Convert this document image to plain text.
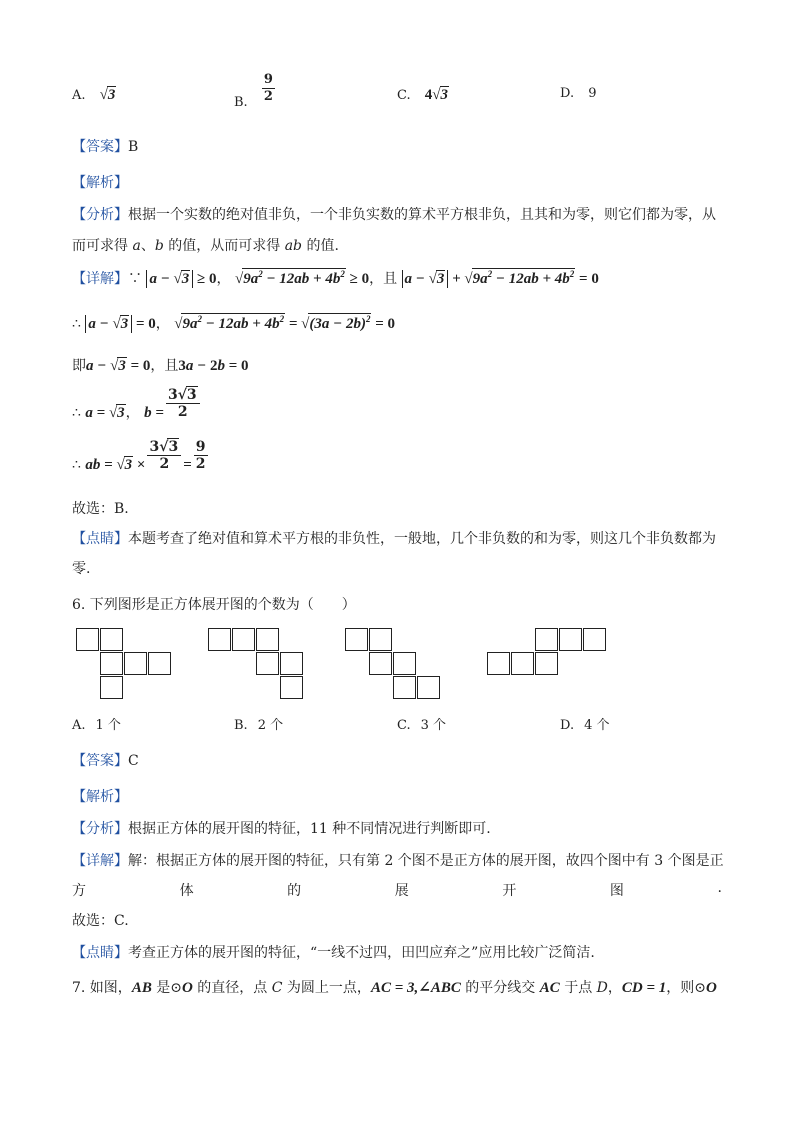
A. √3	B. $\frac{9}{2}$	C. 4√3	D. 9
【答案】B
【解析】
【分析】根据一个实数的绝对值非负，一个非负实数的算术平方根非负，且其和为零，则它们都为零，从
而可求得 a、b 的值，从而可求得 ab 的值.
【详解】∵ a − √3 ≥ 0， $√9a^2 - 12ab + 4b^2 \ge 0$，且 $a - √3 + √9a^2 - 12ab + 4b^2 = 0$
∴ a − √3 = 0， $√9a^2 - 12ab + 4b^2 = √(3a - 2b)^2 = 0$
即a − √3 = 0，且3a − 2b = 0
∴ a = √3， $b = \frac{3√3}{2}$
∴ ab = $√3 \times \frac{3√3}{2} = \frac{9}{2}$
故选：B.
【点睛】本题考查了绝对值和算术平方根的非负性，一般地，几个非负数的和为零，则这几个非负数都为
零.
6. 下列图形是正方体展开图的个数为（　　）
A. 1 个	B. 2 个	C. 3 个	D. 4 个
【答案】C
【解析】
【分析】根据正方体的展开图的特征，11 种不同情况进行判断即可.
【详解】解：根据正方体的展开图的特征，只有第 2 个图不是正方体的展开图，故四个图中有 3 个图是正
方	体	的	展	开	图	.
故选：C.
【点睛】考查正方体的展开图的特征，“一线不过四，田凹应弃之”应用比较广泛简洁.
7. 如图，AB 是⊙O 的直径，点 C 为圆上一点，AC = 3,∠ABC 的平分线交 AC 于点 D，CD = 1，则⊙O
